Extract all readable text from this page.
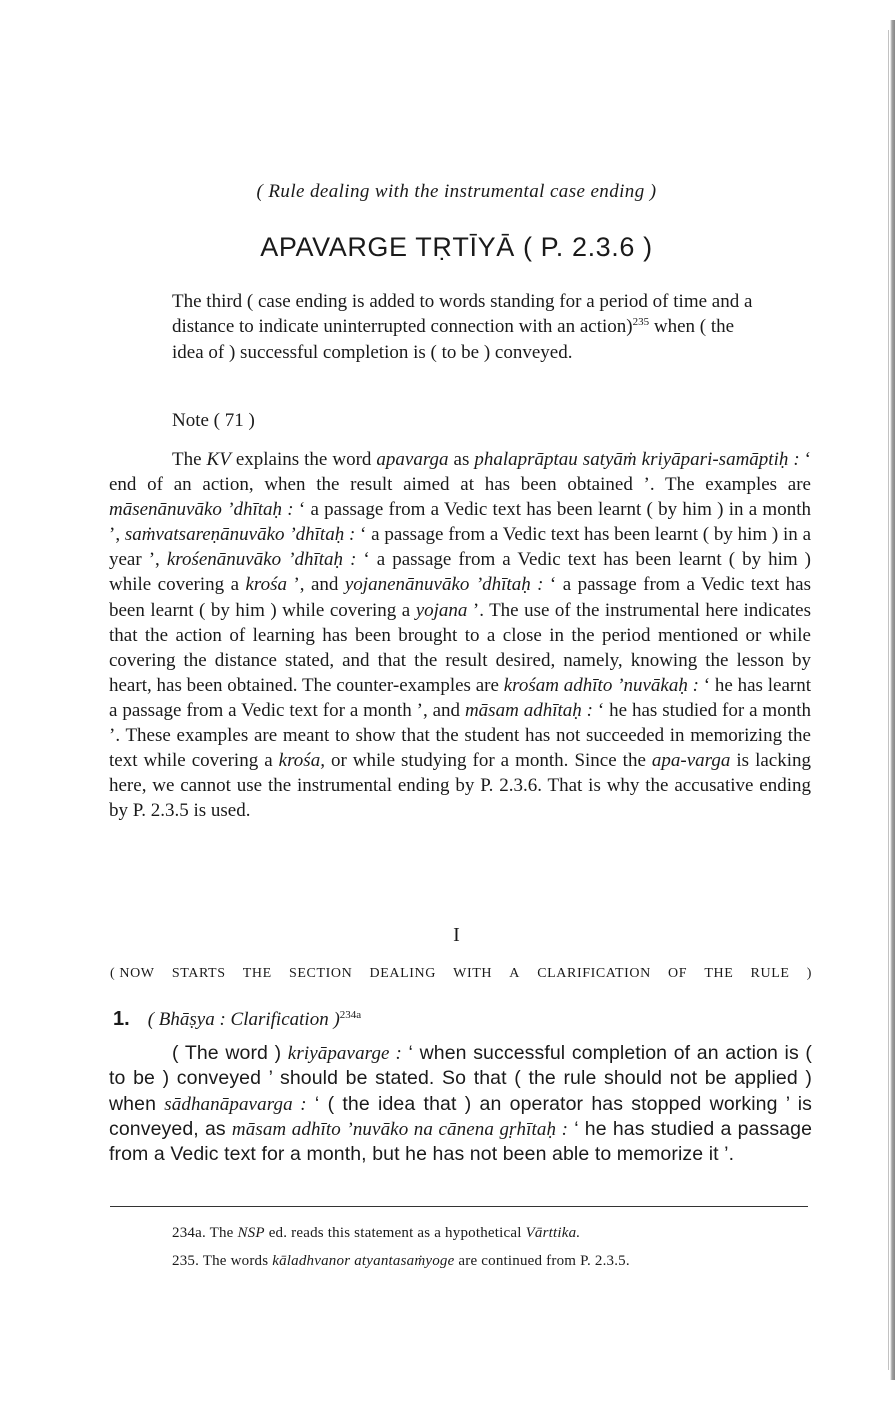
( Rule dealing with the instrumental case ending )
APAVARGE TṚTĪYĀ ( P. 2.3.6 )
The third ( case ending is added to words standing for a period of time and a distance to indicate uninterrupted connection with an action)$^{235}$ when ( the idea of ) successful completion is ( to be ) conveyed.
Note ( 71 )
The KV explains the word apavarga as phalaprāptau satyāṁ kriyāpari-samāptiḥ : ‘ end of an action, when the result aimed at has been obtained ’. The examples are māsenānuvāko ’dhītaḥ : ‘ a passage from a Vedic text has been learnt ( by him ) in a month ’, saṁvatsareṇānuvāko ’dhītaḥ : ‘ a passage from a Vedic text has been learnt ( by him ) in a year ’, krośenānuvāko ’dhītaḥ : ‘ a passage from a Vedic text has been learnt ( by him ) while covering a krośa ’, and yojanenānuvāko ’dhītaḥ : ‘ a passage from a Vedic text has been learnt ( by him ) while covering a yojana ’. The use of the instrumental here indicates that the action of learning has been brought to a close in the period mentioned or while covering the distance stated, and that the result desired, namely, knowing the lesson by heart, has been obtained. The counter-examples are krośam adhīto ’nuvākaḥ : ‘ he has learnt a passage from a Vedic text for a month ’, and māsam adhītaḥ : ‘ he has studied for a month ’. These examples are meant to show that the student has not succeeded in memorizing the text while covering a krośa, or while studying for a month. Since the apa-varga is lacking here, we cannot use the instrumental ending by P. 2.3.6. That is why the accusative ending by P. 2.3.5 is used.
I
( NOW STARTS THE SECTION DEALING WITH A CLARIFICATION OF THE RULE )
1. ( Bhāṣya : Clarification )$^{234a}$
( The word ) kriyāpavarge : ‘ when successful completion of an action is ( to be ) conveyed ’ should be stated. So that ( the rule should not be applied ) when sādhanāpavarga : ‘ ( the idea that ) an operator has stopped working ’ is conveyed, as māsam adhīto ’nuvāko na cānena gṛhītaḥ : ‘ he has studied a passage from a Vedic text for a month, but he has not been able to memorize it ’.
234a. The NSP ed. reads this statement as a hypothetical Vārttika.
235. The words kāladhvanor atyantasaṁyoge are continued from P. 2.3.5.
